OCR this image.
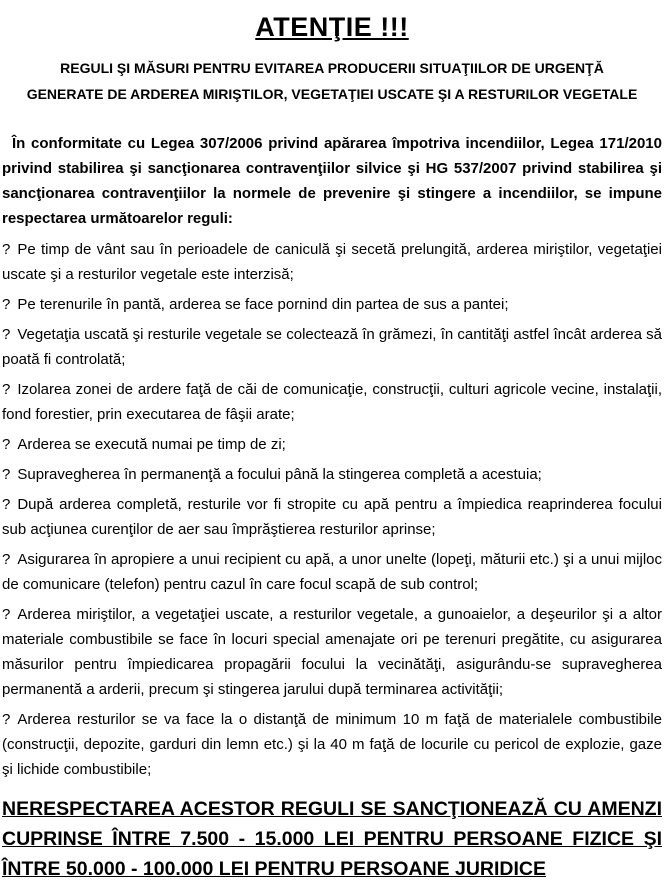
ATENŢIE !!!
REGULI ŞI MĂSURI PENTRU EVITAREA PRODUCERII SITUAŢIILOR DE URGENŢĂ GENERATE DE ARDEREA MIRIŞTILOR, VEGETAŢIEI USCATE ŞI A RESTURILOR VEGETALE

În conformitate cu Legea 307/2006 privind apărarea împotriva incendiilor, Legea 171/2010 privind stabilirea şi sancţionarea contravenţiilor silvice şi HG 537/2007 privind stabilirea şi sancţionarea contravenţiilor la normele de prevenire şi stingere a incendiilor, se impune respectarea următoarelor reguli:

? Pe timp de vânt sau în perioadele de caniculă şi secetă prelungită, arderea miriştilor, vegetaţiei uscate şi a resturilor vegetale este interzisă;

? Pe terenurile în pantă, arderea se face pornind din partea de sus a pantei;

? Vegetaţia uscată şi resturile vegetale se colectează în grămezi, în cantităţi astfel încât arderea să poată fi controlată;

? Izolarea zonei de ardere faţă de căi de comunicaţie, construcţii, culturi agricole vecine, instalaţii, fond forestier, prin executarea de fâşii arate;

? Arderea se execută numai pe timp de zi;

? Supravegherea în permanenţă a focului până la stingerea completă a acestuia;

? După arderea completă, resturile vor fi stropite cu apă pentru a împiedica reaprinderea focului sub acţiunea curenţilor de aer sau împrăştierea resturilor aprinse;

? Asigurarea în apropiere a unui recipient cu apă, a unor unelte (lopeţi, măturii etc.) şi a unui mijloc de comunicare (telefon) pentru cazul în care focul scapă de sub control;

? Arderea miriştilor, a vegetaţiei uscate, a resturilor vegetale, a gunoaielor, a deşeurilor şi a altor materiale combustibile se face în locuri special amenajate ori pe terenuri pregătite, cu asigurarea măsurilor pentru împiedicarea propagării focului la vecinătăţi, asigurându-se supravegherea permanentă a arderii, precum şi stingerea jarului după terminarea activităţii;

? Arderea resturilor se va face la o distanţă de minimum 10 m faţă de materialele combustibile (construcţii, depozite, garduri din lemn etc.) şi la 40 m faţă de locurile cu pericol de explozie, gaze şi lichide combustibile;

NERESPECTAREA ACESTOR REGULI SE SANCŢIONEAZĂ CU AMENZI CUPRINSE ÎNTRE 7.500 - 15.000 LEI PENTRU PERSOANE FIZICE ŞI ÎNTRE 50.000 - 100.000 LEI PENTRU PERSOANE JURIDICE
